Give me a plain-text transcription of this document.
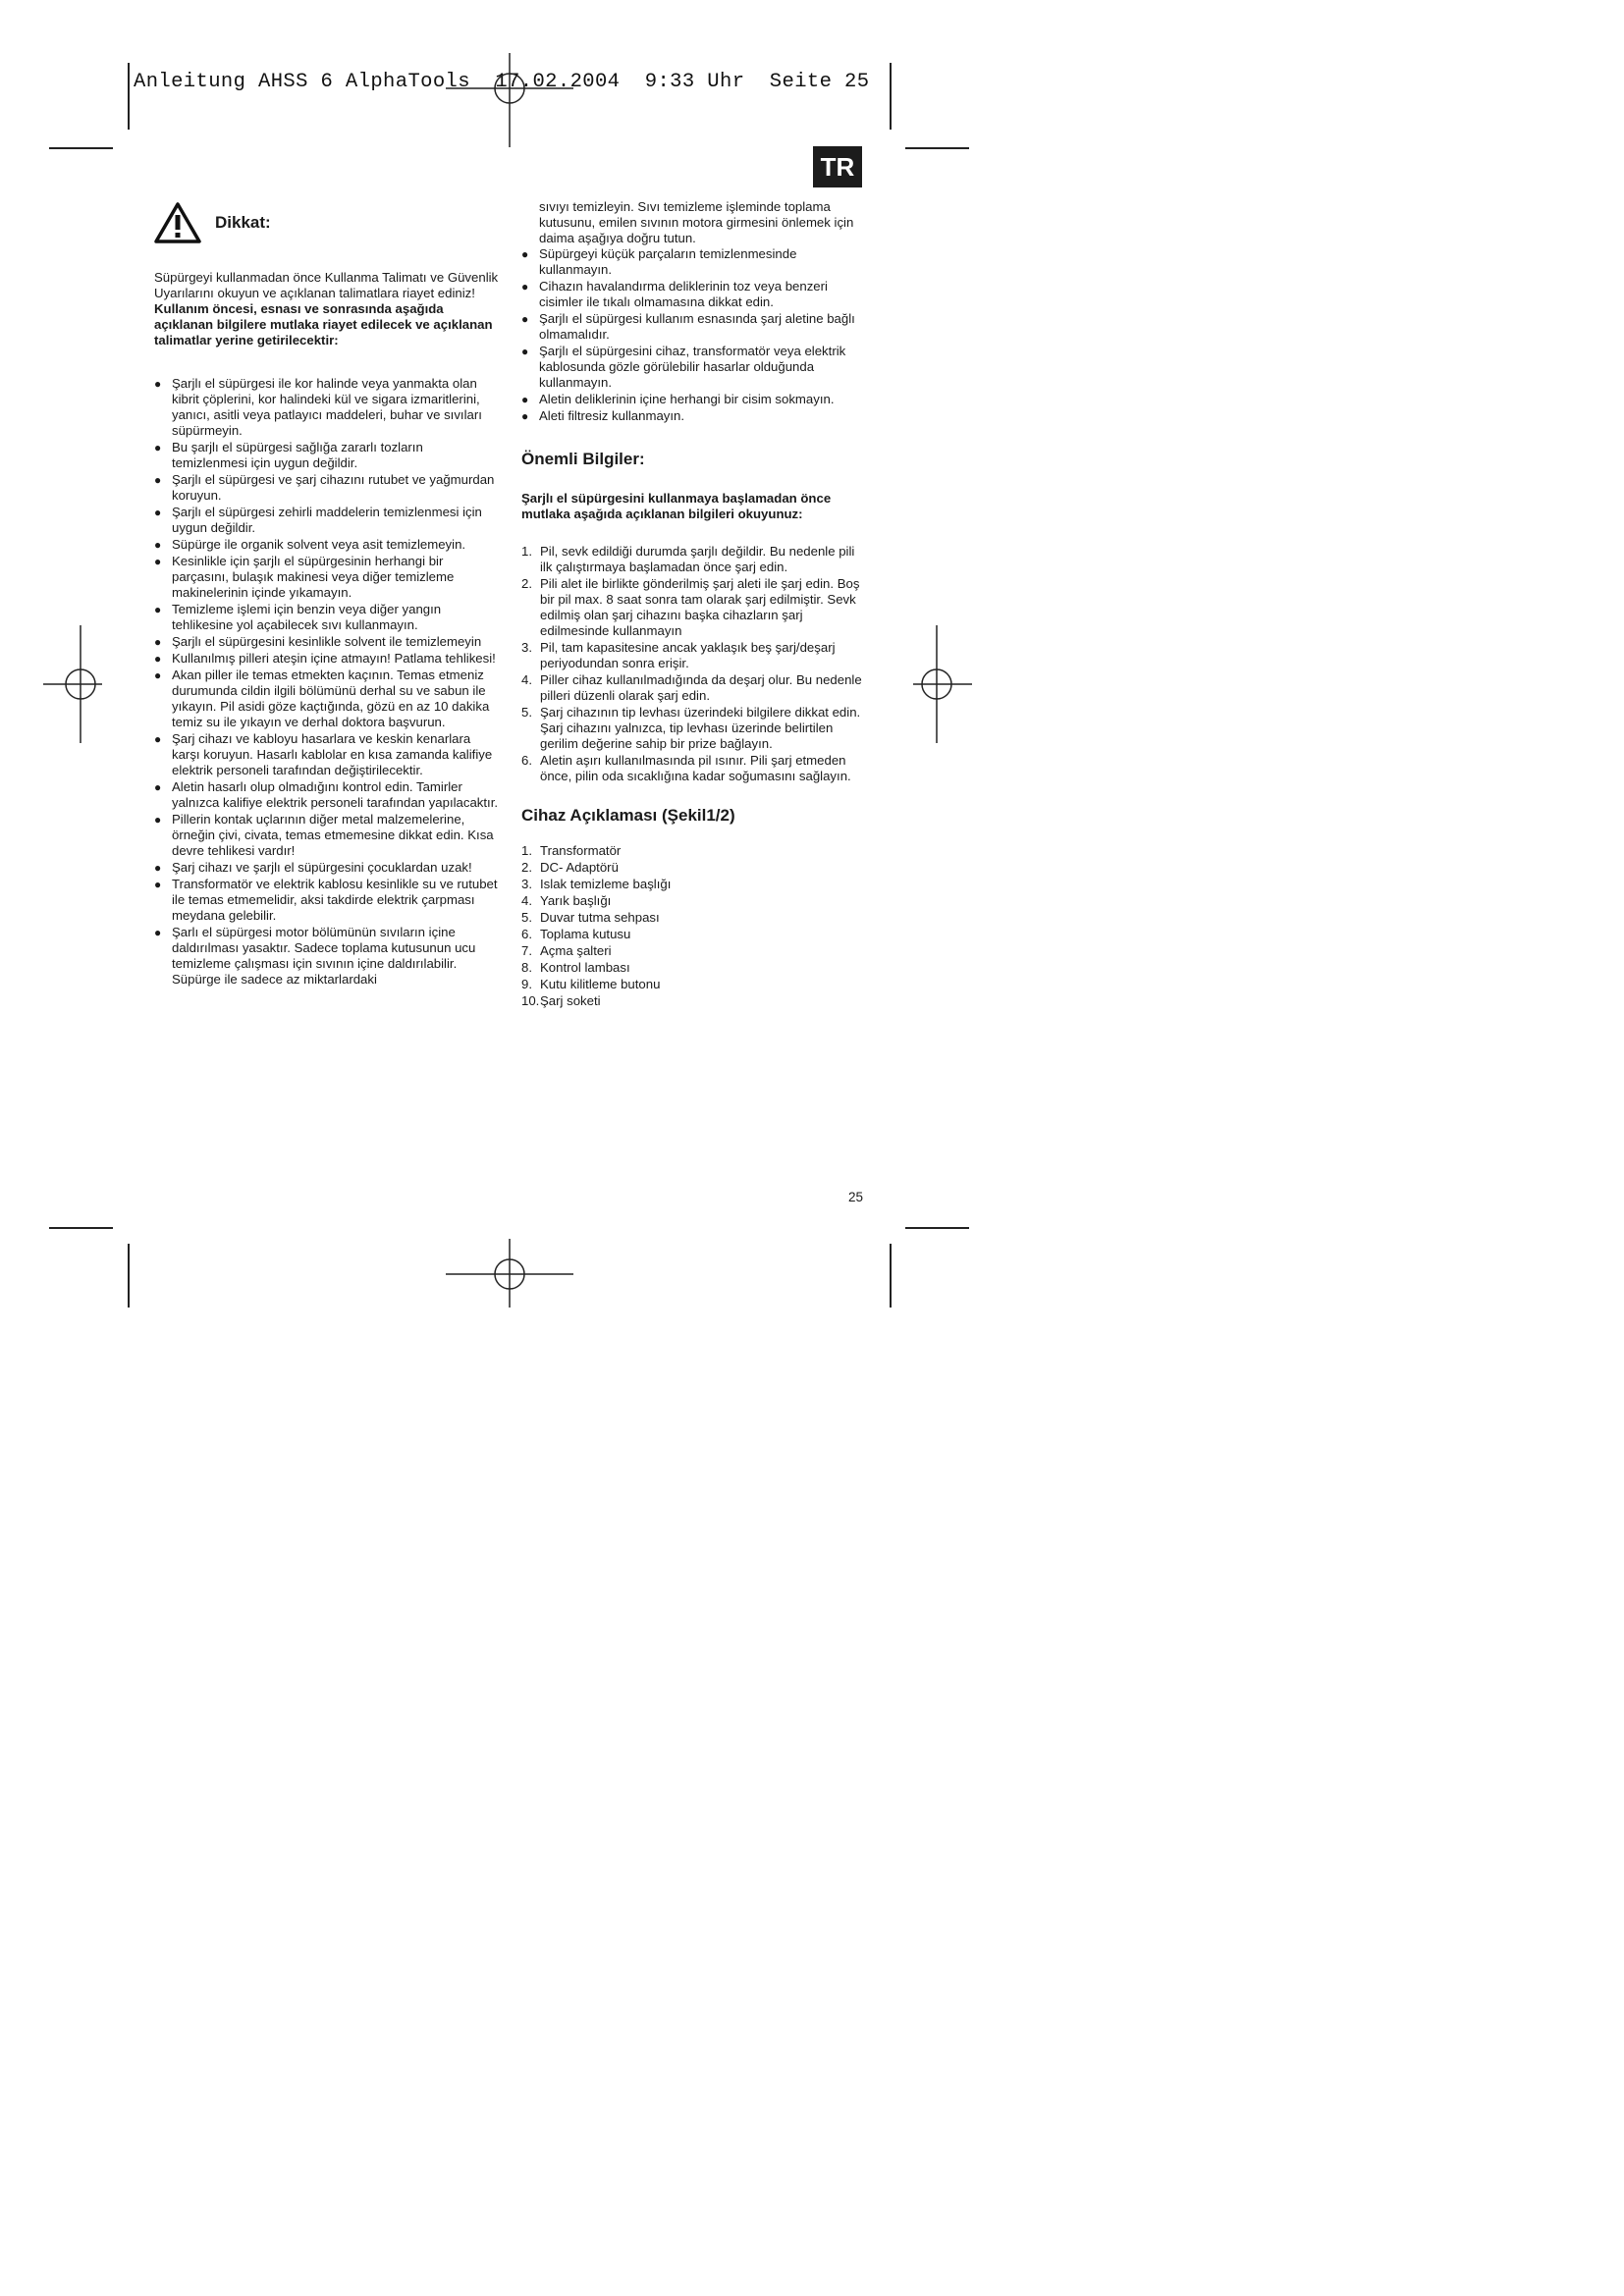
Anleitung AHSS 6 AlphaTools  17.02.2004  9:33 Uhr  Seite 25
TR
Dikkat:

Süpürgeyi kullanmadan önce Kullanma Talimatı ve Güvenlik Uyarılarını okuyun ve açıklanan talimatlara riayet ediniz!

Kullanım öncesi, esnası ve sonrasında aşağıda açıklanan bilgilere mutlaka riayet edilecek ve açıklanan talimatlar yerine getirilecektir:

● Şarjlı el süpürgesi ile kor halinde veya yanmakta olan kibrit çöplerini, kor halindeki kül ve sigara izmaritlerini, yanıcı, asitli veya patlayıcı maddeleri, buhar ve sıvıları süpürmeyin.
● Bu şarjlı el süpürgesi sağlığa zararlı tozların temizlenmesi için uygun değildir.
● Şarjlı el süpürgesi ve şarj cihazını rutubet ve yağmurdan koruyun.
● Şarjlı el süpürgesi zehirli maddelerin temizlenmesi için uygun değildir.
● Süpürge ile organik solvent veya asit temizlemeyin.
● Kesinlikle için şarjlı el süpürgesinin herhangi bir parçasını, bulaşık makinesi veya diğer temizleme makinelerinin içinde yıkamayın.
● Temizleme işlemi için benzin veya diğer yangın tehlikesine yol açabilecek sıvı kullanmayın.
● Şarjlı el süpürgesini kesinlikle solvent ile temizlemeyin
● Kullanılmış pilleri ateşin içine atmayın! Patlama tehlikesi!
● Akan piller ile temas etmekten kaçının. Temas etmeniz durumunda cildin ilgili bölümünü derhal su ve sabun ile yıkayın. Pil asidi göze kaçtığında, gözü en az 10 dakika temiz su ile yıkayın ve derhal doktora başvurun.
● Şarj cihazı ve kabloyu hasarlara ve keskin kenarlara karşı koruyun. Hasarlı kablolar en kısa zamanda kalifiye elektrik personeli tarafından değiştirilecektir.
● Aletin hasarlı olup olmadığını kontrol edin. Tamirler yalnızca kalifiye elektrik personeli tarafından yapılacaktır.
● Pillerin kontak uçlarının diğer metal malzemelerine, örneğin çivi, civata, temas etmemesine dikkat edin. Kısa devre tehlikesi vardır!
● Şarj cihazı ve şarjlı el süpürgesini çocuklardan uzak!
● Transformatör ve elektrik kablosu kesinlikle su ve rutubet ile temas etmemelidir, aksi takdirde elektrik çarpması meydana gelebilir.
● Şarlı el süpürgesi motor bölümünün sıvıların içine daldırılması yasaktır. Sadece toplama kutusunun ucu temizleme çalışması için sıvının içine daldırılabilir. Süpürge ile sadece az miktarlardaki

sıvıyı temizleyin. Sıvı temizleme işleminde toplama kutusunu, emilen sıvının motora girmesini önlemek için daima aşağıya doğru tutun.

● Süpürgeyi küçük parçaların temizlenmesinde kullanmayın.
● Cihazın havalandırma deliklerinin toz veya benzeri cisimler ile tıkalı olmamasına dikkat edin.
● Şarjlı el süpürgesi kullanım esnasında şarj aletine bağlı olmamalıdır.
● Şarjlı el süpürgesini cihaz, transformatör veya elektrik kablosunda gözle görülebilir hasarlar olduğunda kullanmayın.
● Aletin deliklerinin içine herhangi bir cisim sokmayın.
● Aleti filtresiz kullanmayın.
Önemli Bilgiler:

Şarjlı el süpürgesini kullanmaya başlamadan önce mutlaka aşağıda açıklanan bilgileri okuyunuz:

1. Pil, sevk edildiği durumda şarjlı değildir. Bu nedenle pili ilk çalıştırmaya başlamadan önce şarj edin.
2. Pili alet ile birlikte gönderilmiş şarj aleti ile şarj edin. Boş bir pil max. 8 saat sonra tam olarak şarj edilmiştir. Sevk edilmiş olan şarj cihazını başka cihazların şarj edilmesinde kullanmayın
3. Pil, tam kapasitesine ancak yaklaşık beş şarj/deşarj periyodundan sonra erişir.
4. Piller cihaz kullanılmadığında da deşarj olur. Bu nedenle pilleri düzenli olarak şarj edin.
5. Şarj cihazının tip levhası üzerindeki bilgilere dikkat edin. Şarj cihazını yalnızca, tip levhası üzerinde belirtilen gerilim değerine sahip bir prize bağlayın.
6. Aletin aşırı kullanılmasında pil ısınır. Pili şarj etmeden önce, pilin oda sıcaklığına kadar soğumasını sağlayın.
Cihaz Açıklaması (Şekil1/2)
1. Transformatör
2. DC- Adaptörü
3. Islak temizleme başlığı
4. Yarık başlığı
5. Duvar tutma sehpası
6. Toplama kutusu
7. Açma şalteri
8. Kontrol lambası
9. Kutu kilitleme butonu
10. Şarj soketi
25
